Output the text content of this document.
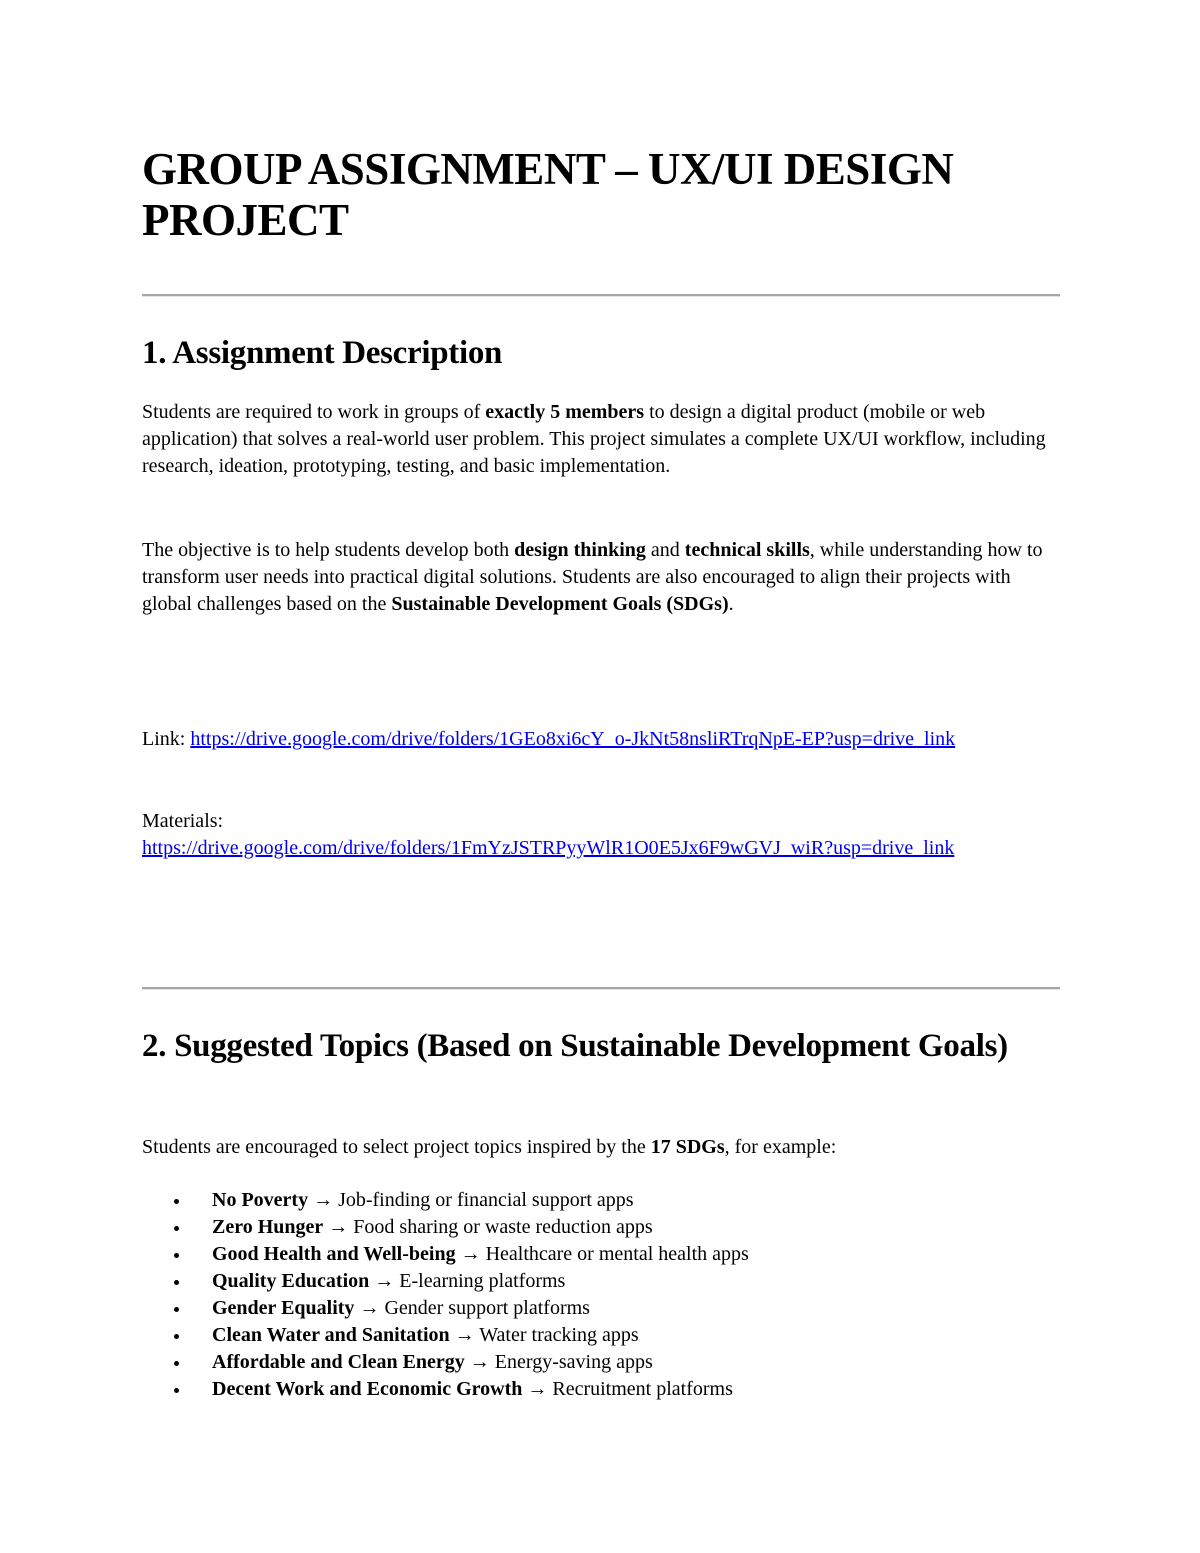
GROUP ASSIGNMENT – UX/UI DESIGN PROJECT
1. Assignment Description

Students are required to work in groups of exactly 5 members to design a digital product (mobile or web application) that solves a real-world user problem. This project simulates a complete UX/UI workflow, including research, ideation, prototyping, testing, and basic implementation.

The objective is to help students develop both design thinking and technical skills, while understanding how to transform user needs into practical digital solutions. Students are also encouraged to align their projects with global challenges based on the Sustainable Development Goals (SDGs).

Link: https://drive.google.com/drive/folders/1GEo8xi6cY_o-JkNt58nsliRTrqNpE-EP?usp=drive_link

Materials:
https://drive.google.com/drive/folders/1FmYzJSTRPyyWlR1O0E5Jx6F9wGVJ_wiR?usp=drive_link

2. Suggested Topics (Based on Sustainable Development Goals)

Students are encouraged to select project topics inspired by the 17 SDGs, for example:

No Poverty → Job-finding or financial support apps
Zero Hunger → Food sharing or waste reduction apps
Good Health and Well-being → Healthcare or mental health apps
Quality Education → E-learning platforms
Gender Equality → Gender support platforms
Clean Water and Sanitation → Water tracking apps
Affordable and Clean Energy → Energy-saving apps
Decent Work and Economic Growth → Recruitment platforms
